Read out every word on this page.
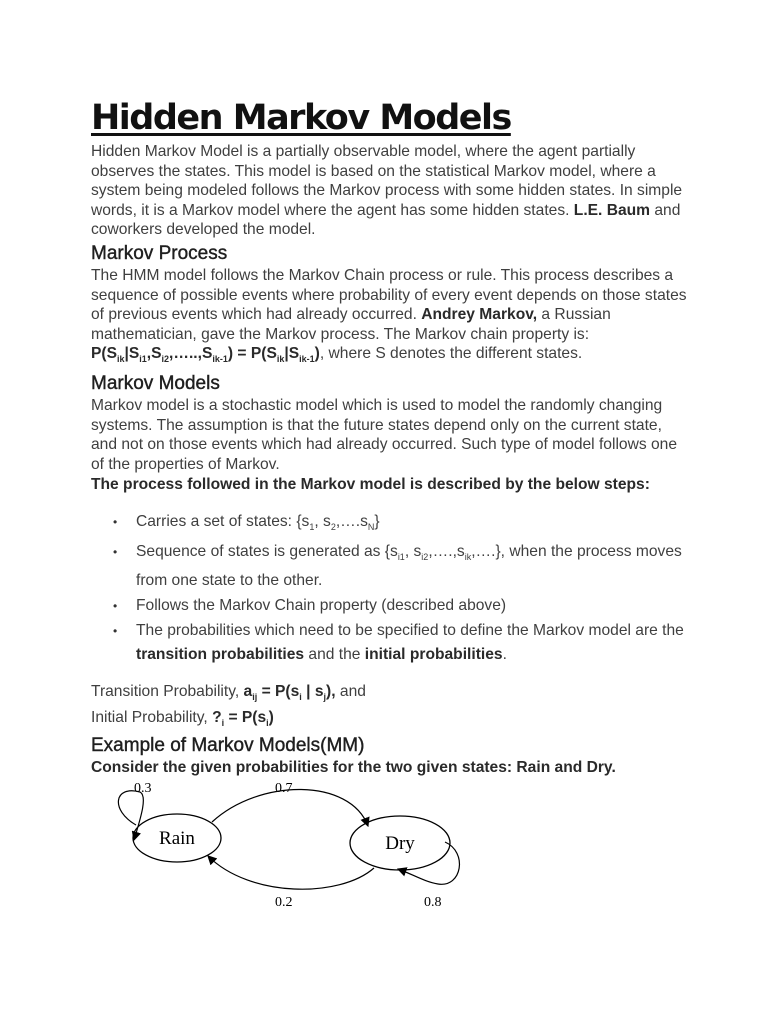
Hidden Markov Models

Hidden Markov Model is a partially observable model, where the agent partially observes the states. This model is based on the statistical Markov model, where a system being modeled follows the Markov process with some hidden states. In simple words, it is a Markov model where the agent has some hidden states. L.E. Baum and coworkers developed the model.

Markov Process

The HMM model follows the Markov Chain process or rule. This process describes a sequence of possible events where probability of every event depends on those states of previous events which had already occurred. Andrey Markov, a Russian mathematician, gave the Markov process. The Markov chain property is:

$P(S_{ik}|S_{i1},S_{i2},\dots..,S_{ik-1}) = P(S_{ik}|S_{ik-1})$, where S denotes the different states.

Markov Models

Markov model is a stochastic model which is used to model the randomly changing systems. The assumption is that the future states depend only on the current state, and not on those events which had already occurred. Such type of model follows one of the properties of Markov.

The process followed in the Markov model is described by the below steps:

• Carries a set of states: {$s_1$, $s_2,\dots.s_N$}
• Sequence of states is generated as {$s_{i1}$, $s_{i2},\dots.,s_{ik},\dots$.}, when the process moves from one state to the other.
• Follows the Markov Chain property (described above)
• The probabilities which need to be specified to define the Markov model are the transition probabilities and the initial probabilities.

Transition Probability, $a_{ij} = P(s_i$ | $s_j$), and

Initial Probability, $?_i = P(s_i)$

Example of Markov Models(MM)

Consider the given probabilities for the two given states: Rain and Dry.

Rain	Dry
0.3	0.7
0.2	0.8
